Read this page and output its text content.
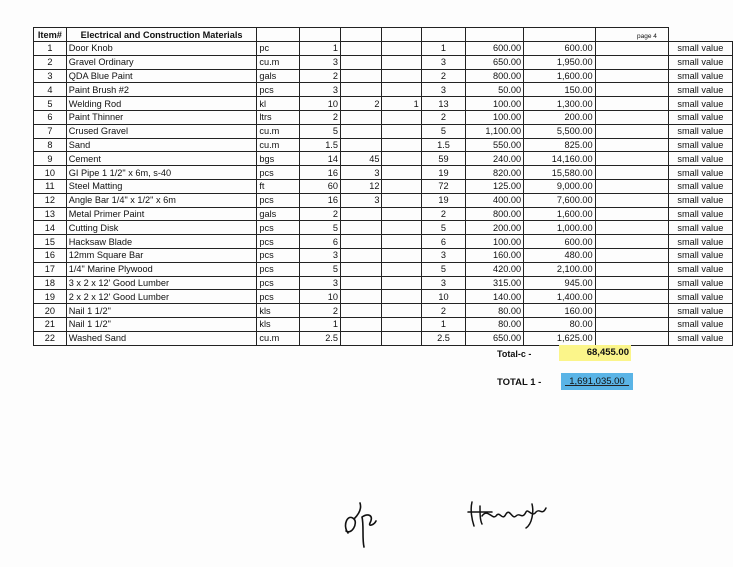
Item#	Electrical and Construction Materials									
1	Door Knob	pc	1			1	600.00	600.00		small value
2	Gravel Ordinary	cu.m	3			3	650.00	1,950.00		small value
3	QDA Blue Paint	gals	2			2	800.00	1,600.00		small value
4	Paint Brush #2	pcs	3			3	50.00	150.00		small value
5	Welding Rod	kl	10	2	1	13	100.00	1,300.00		small value
6	Paint Thinner	ltrs	2			2	100.00	200.00		small value
7	Crused Gravel	cu.m	5			5	1,100.00	5,500.00		small value
8	Sand	cu.m	1.5			1.5	550.00	825.00		small value
9	Cement	bgs	14	45		59	240.00	14,160.00		small value
10	GI Pipe 1 1/2" x 6m, s-40	pcs	16	3		19	820.00	15,580.00		small value
11	Steel Matting	ft	60	12		72	125.00	9,000.00		small value
12	Angle Bar 1/4" x 1/2" x 6m	pcs	16	3		19	400.00	7,600.00		small value
13	Metal Primer Paint	gals	2			2	800.00	1,600.00		small value
14	Cutting Disk	pcs	5			5	200.00	1,000.00		small value
15	Hacksaw Blade	pcs	6			6	100.00	600.00		small value
16	12mm Square Bar	pcs	3			3	160.00	480.00		small value
17	1/4" Marine Plywood	pcs	5			5	420.00	2,100.00		small value
18	3 x 2 x 12' Good Lumber	pcs	3			3	315.00	945.00		small value
19	2 x 2 x 12' Good Lumber	pcs	10			10	140.00	1,400.00		small value
20	Nail 1 1/2"	kls	2			2	80.00	160.00		small value
21	Nail 1 1/2"	kls	1			1	80.00	80.00		small value
22	Washed Sand	cu.m	2.5			2.5	650.00	1,625.00		small value
page 4
Total-c -	68,455.00
TOTAL 1 -	1,691,035.00
